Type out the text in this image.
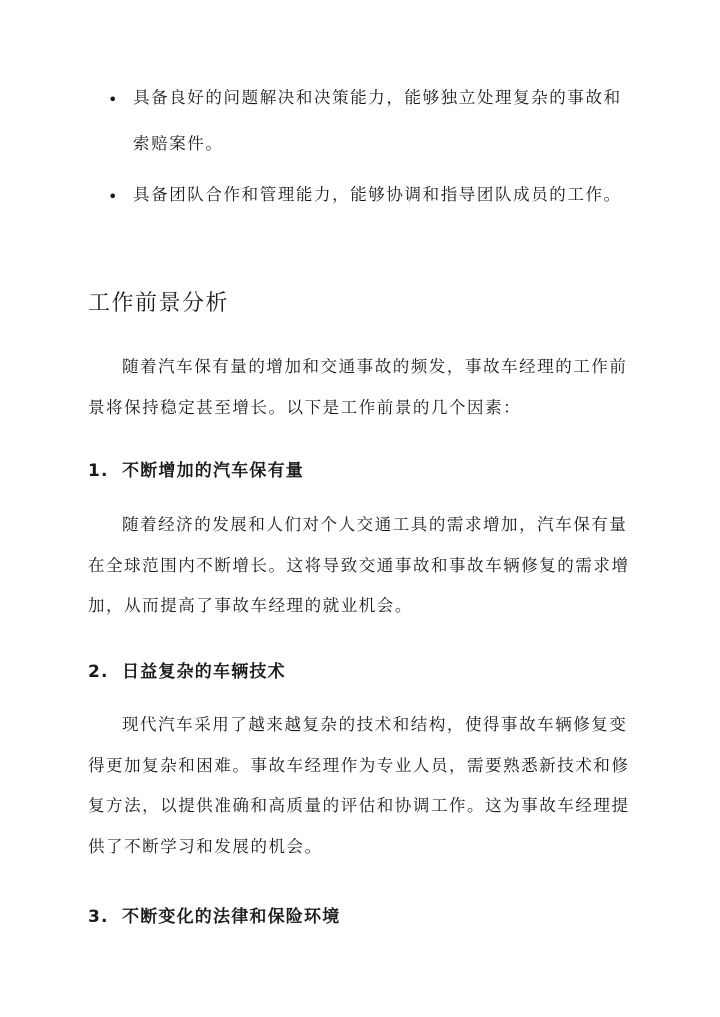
• 具备良好的问题解决和决策能力，能够独立处理复杂的事故和索赔案件。
• 具备团队合作和管理能力，能够协调和指导团队成员的工作。
工作前景分析

随着汽车保有量的增加和交通事故的频发，事故车经理的工作前景将保持稳定甚至增长。以下是工作前景的几个因素：

1. 不断增加的汽车保有量

随着经济的发展和人们对个人交通工具的需求增加，汽车保有量在全球范围内不断增长。这将导致交通事故和事故车辆修复的需求增加，从而提高了事故车经理的就业机会。

2. 日益复杂的车辆技术

现代汽车采用了越来越复杂的技术和结构，使得事故车辆修复变得更加复杂和困难。事故车经理作为专业人员，需要熟悉新技术和修复方法，以提供准确和高质量的评估和协调工作。这为事故车经理提供了不断学习和发展的机会。

3. 不断变化的法律和保险环境
